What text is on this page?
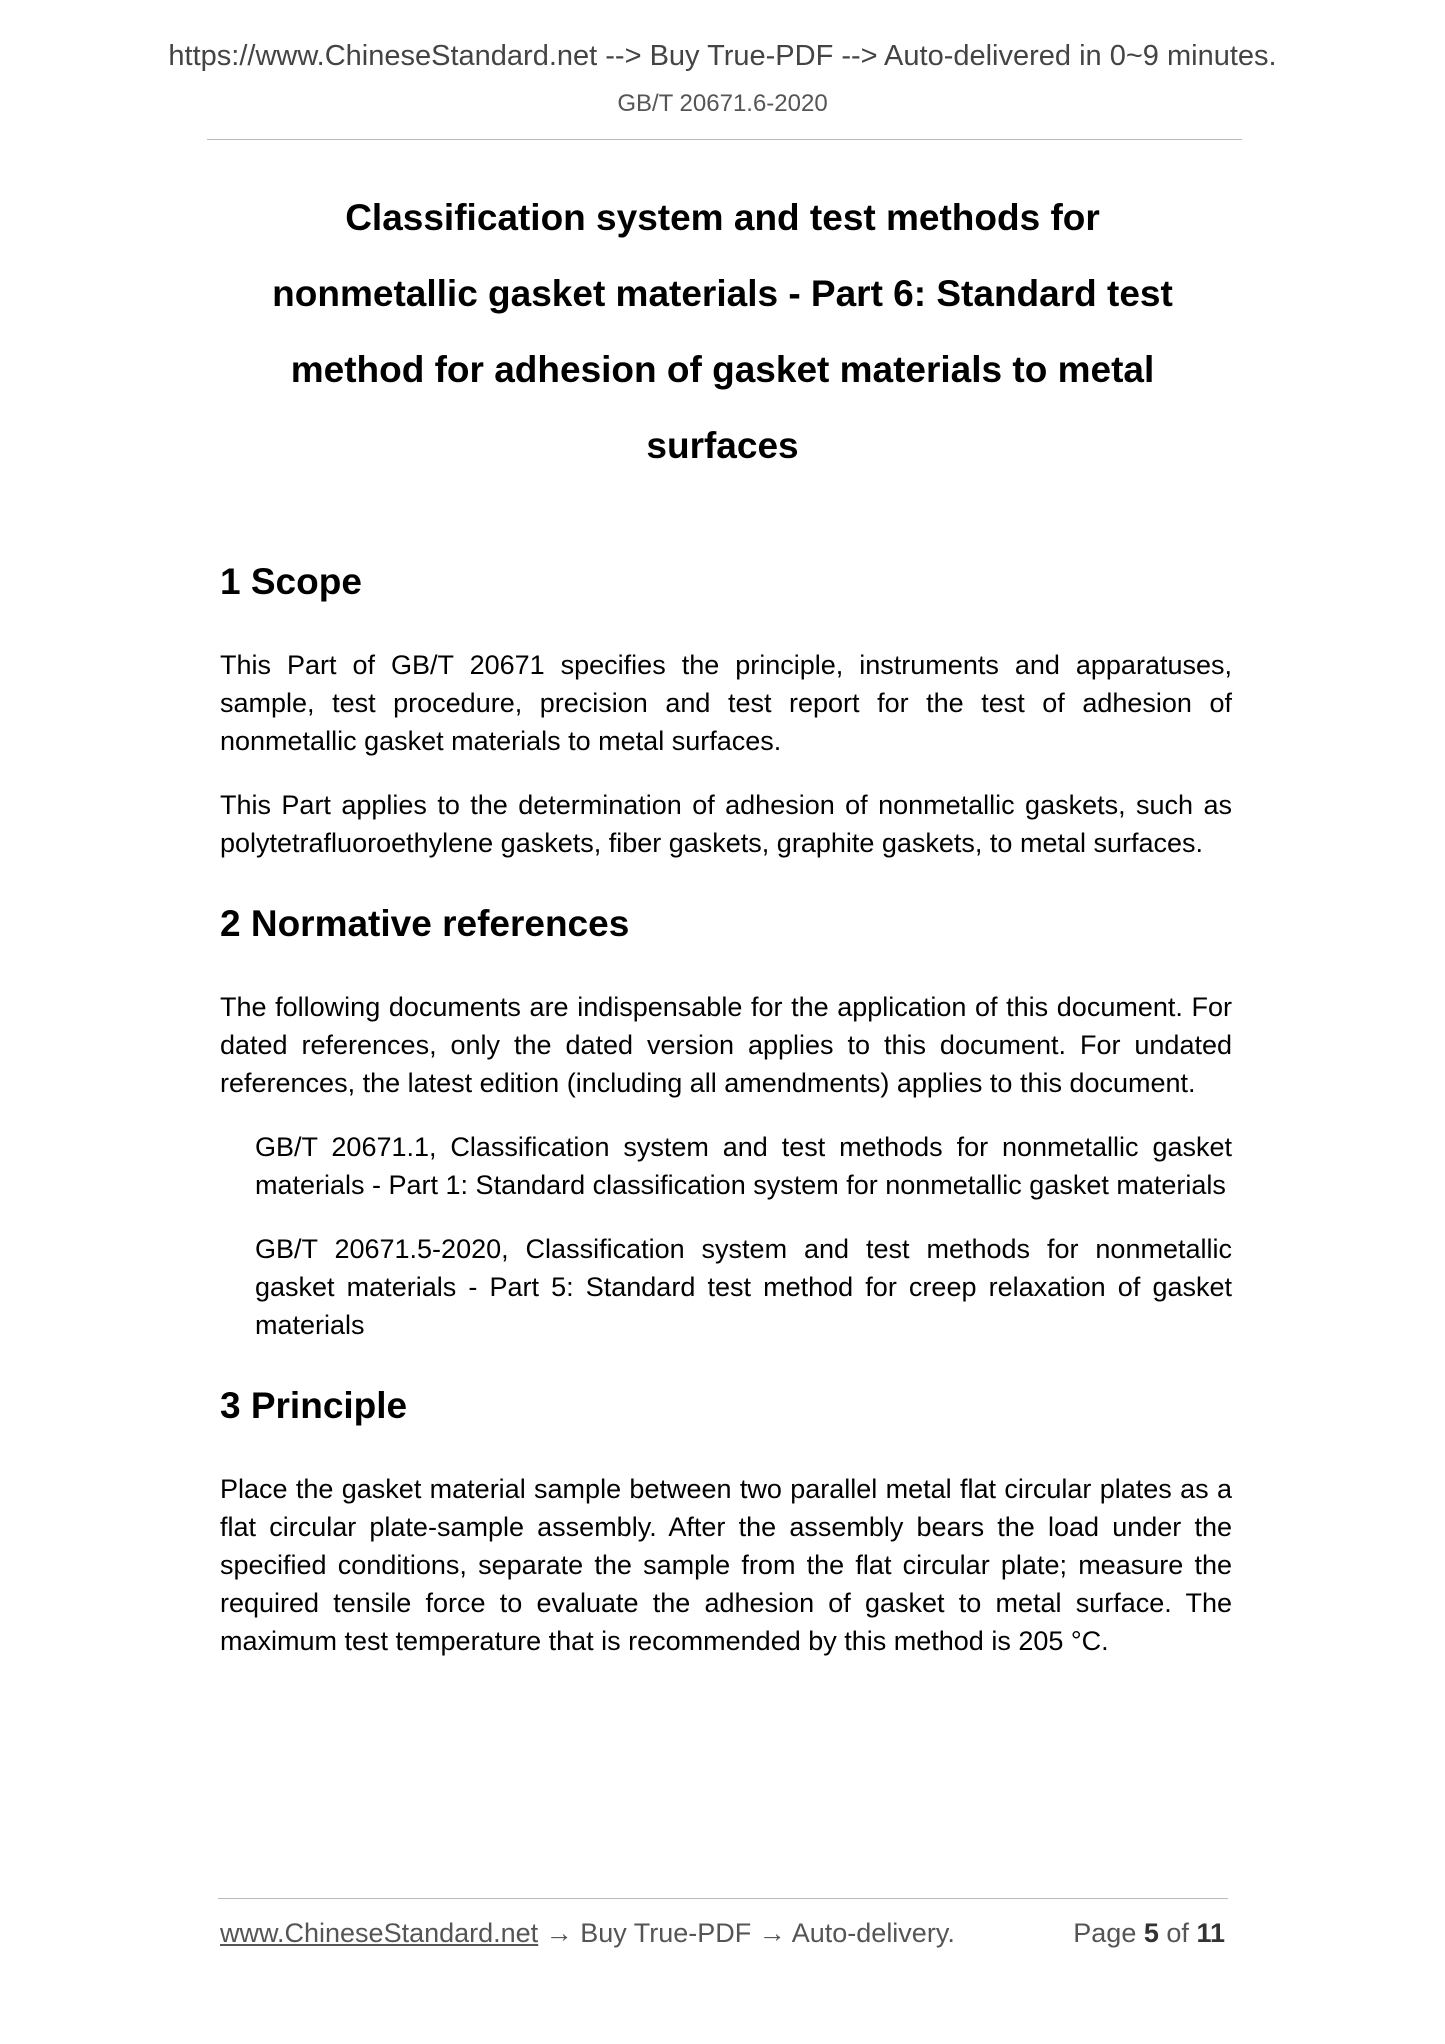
https://www.ChineseStandard.net --> Buy True-PDF --> Auto-delivered in 0~9 minutes.
GB/T 20671.6-2020
Classification system and test methods for
nonmetallic gasket materials - Part 6: Standard test
method for adhesion of gasket materials to metal
surfaces
1 Scope

This Part of GB/T 20671 specifies the principle, instruments and apparatuses, sample, test procedure, precision and test report for the test of adhesion of nonmetallic gasket materials to metal surfaces.

This Part applies to the determination of adhesion of nonmetallic gaskets, such as polytetrafluoroethylene gaskets, fiber gaskets, graphite gaskets, to metal surfaces.

2 Normative references

The following documents are indispensable for the application of this document. For dated references, only the dated version applies to this document. For undated references, the latest edition (including all amendments) applies to this document.

GB/T 20671.1, Classification system and test methods for nonmetallic gasket materials - Part 1: Standard classification system for nonmetallic gasket materials

GB/T 20671.5-2020, Classification system and test methods for nonmetallic gasket materials - Part 5: Standard test method for creep relaxation of gasket materials

3 Principle

Place the gasket material sample between two parallel metal flat circular plates as a flat circular plate-sample assembly. After the assembly bears the load under the specified conditions, separate the sample from the flat circular plate; measure the required tensile force to evaluate the adhesion of gasket to metal surface. The maximum test temperature that is recommended by this method is 205 °C.

www.ChineseStandard.net → Buy True-PDF → Auto-delivery.	Page 5 of 11
